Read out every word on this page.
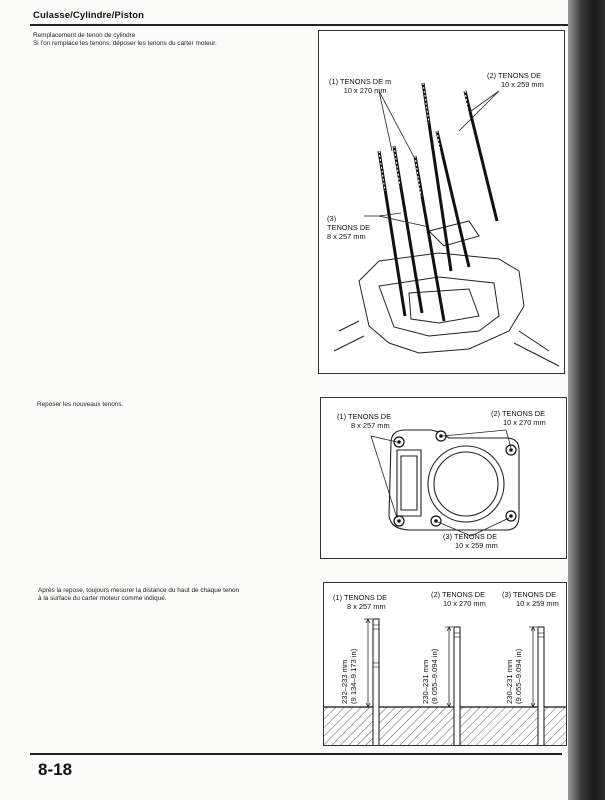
Culasse/Cylindre/Piston
Remplacement de tenon de cylindre
Si l'on remplace les tenons, déposer les tenons du carter moteur.
(1) TENONS DE m
10 x 270 mm
(2) TENONS DE
10 x 259 mm
(3)
TENONS DE
8 x 257 mm
Reposer les nouveaux tenons.
(1) TENONS DE
8 x 257 mm
(2) TENONS DE
10 x 270 mm
(3) TENONS DE
10 x 259 mm
Après la repose, toujours mesurer la distance du haut de chaque tenon
à la surface du carter moteur comme indiqué.	(1) TENONS DE
8 x 257 mm
(2) TENONS DE
10 x 270 mm
(3) TENONS DE
10 x 259 mm
232–233 mm (9.134–9.173 in)	230–231 mm (9.055–9.094 in)	230–231 mm (9.055–9.094 in)
8-18
